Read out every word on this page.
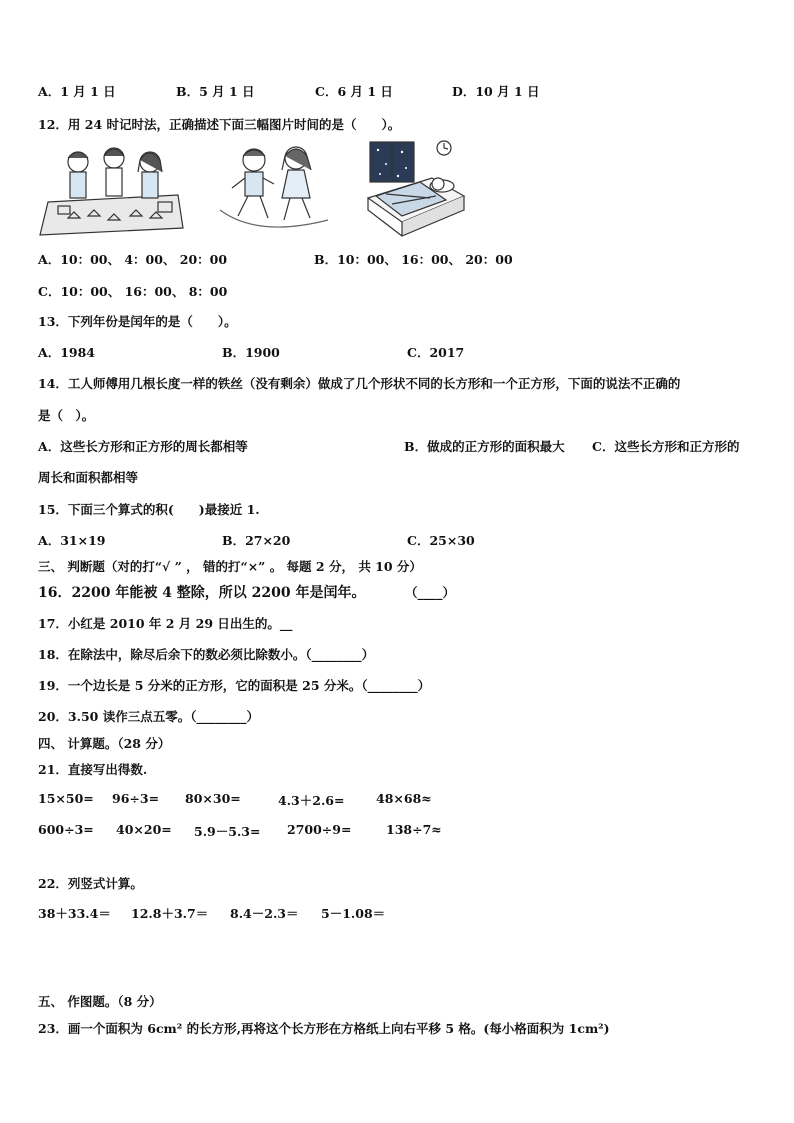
A．1 月 1 日	B．5 月 1 日	C．6 月 1 日	D．10 月 1 日
12．用 24 时记时法，正确描述下面三幅图片时间的是（　　）。
A．10：00、 4：00、 20：00	B．10：00、 16：00、 20：00
C．10：00、 16：00、 8：00
13．下列年份是闰年的是（　　）。
A．1984	B．1900	C．2017
14．工人师傅用几根长度一样的铁丝（没有剩余）做成了几个形状不同的长方形和一个正方形，下面的说法不正确的
是（　）。
A．这些长方形和正方形的周长都相等	B．做成的正方形的面积最大 C．这些长方形和正方形的
周长和面积都相等
15．下面三个算式的积(　　)最接近 1.
A．31×19	B．27×20	C．25×30
三、 判断题（对的打“√ ” ， 错的打“×” 。 每题 2 分， 共 10 分）
16．2200 年能被 4 整除，所以 2200 年是闰年。	（____）
17．小红是 2010 年 2 月 29 日出生的。__
18．在除法中，除尽后余下的数必须比除数小。（________）
19．一个边长是 5 分米的正方形，它的面积是 25 分米。（________）
20．3.50 读作三点五零。（________）
四、 计算题。（28 分）
21．直接写出得数.
15×50= 96÷3= 80×30=	4.3＋2.6=	48×68≈
600÷3= 40×20= 5.9－5.3= 2700÷9=	138÷7≈
22．列竖式计算。
38＋33.4＝ 12.8＋3.7＝ 8.4－2.3＝ 5－1.08＝
五、 作图题。（8 分）
23．画一个面积为 6cm² 的长方形,再将这个长方形在方格纸上向右平移 5 格。(每小格面积为 1cm²)
